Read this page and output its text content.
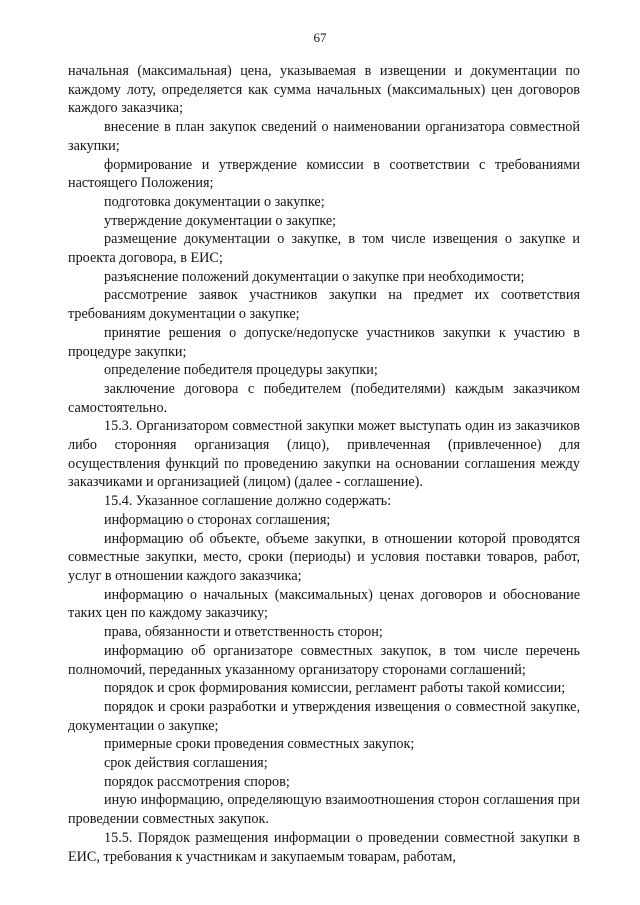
67

начальная (максимальная) цена, указываемая в извещении и документации по каждому лоту, определяется как сумма начальных (максимальных) цен договоров каждого заказчика;

внесение в план закупок сведений о наименовании организатора совместной закупки;

формирование и утверждение комиссии в соответствии с требованиями настоящего Положения;

подготовка документации о закупке;

утверждение документации о закупке;

размещение документации о закупке, в том числе извещения о закупке и проекта договора, в ЕИС;

разъяснение положений документации о закупке при необходимости;

рассмотрение заявок участников закупки на предмет их соответствия требованиям документации о закупке;

принятие решения о допуске/недопуске участников закупки к участию в процедуре закупки;

определение победителя процедуры закупки;

заключение договора с победителем (победителями) каждым заказчиком самостоятельно.

15.3. Организатором совместной закупки может выступать один из заказчиков либо сторонняя организация (лицо), привлеченная (привлеченное) для осуществления функций по проведению закупки на основании соглашения между заказчиками и организацией (лицом) (далее - соглашение).

15.4. Указанное соглашение должно содержать:

информацию о сторонах соглашения;

информацию об объекте, объеме закупки, в отношении которой проводятся совместные закупки, место, сроки (периоды) и условия поставки товаров, работ, услуг в отношении каждого заказчика;

информацию о начальных (максимальных) ценах договоров и обоснование таких цен по каждому заказчику;

права, обязанности и ответственность сторон;

информацию об организаторе совместных закупок, в том числе перечень полномочий, переданных указанному организатору сторонами соглашений;

порядок и срок формирования комиссии, регламент работы такой комиссии;

порядок и сроки разработки и утверждения извещения о совместной закупке, документации о закупке;

примерные сроки проведения совместных закупок;

срок действия соглашения;

порядок рассмотрения споров;

иную информацию, определяющую взаимоотношения сторон соглашения при проведении совместных закупок.

15.5. Порядок размещения информации о проведении совместной закупки в ЕИС, требования к участникам и закупаемым товарам, работам,
